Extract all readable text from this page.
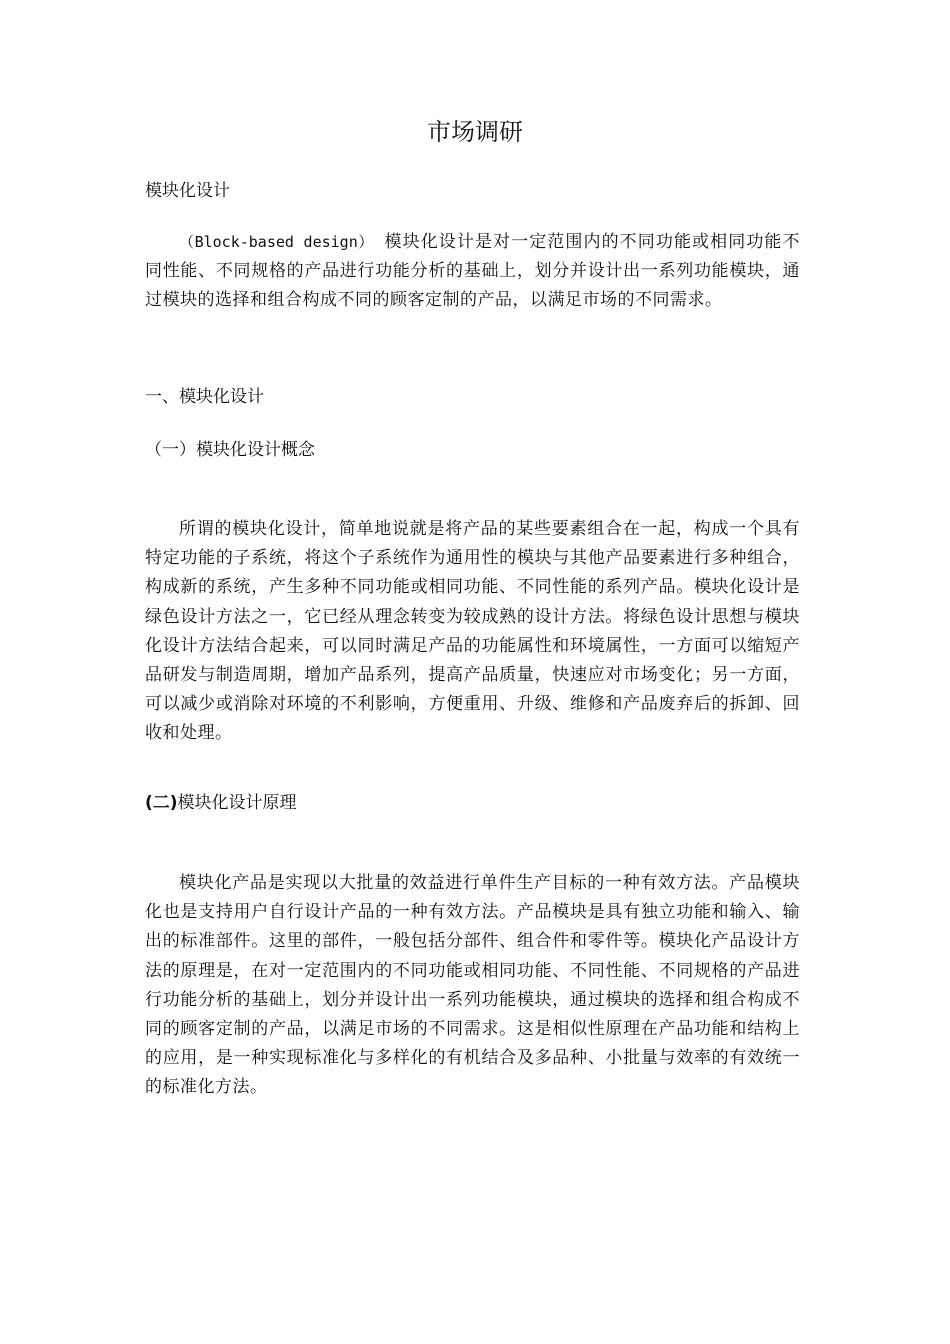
市场调研
模块化设计
（Block-based design）　模块化设计是对一定范围内的不同功能或相同功能不同性能、不同规格的产品进行功能分析的基础上，划分并设计出一系列功能模块，通过模块的选择和组合构成不同的顾客定制的产品，以满足市场的不同需求。
一、模块化设计
（一）模块化设计概念
所谓的模块化设计，简单地说就是将产品的某些要素组合在一起，构成一个具有特定功能的子系统，将这个子系统作为通用性的模块与其他产品要素进行多种组合，构成新的系统，产生多种不同功能或相同功能、不同性能的系列产品。模块化设计是绿色设计方法之一，它已经从理念转变为较成熟的设计方法。将绿色设计思想与模块化设计方法结合起来，可以同时满足产品的功能属性和环境属性，一方面可以缩短产品研发与制造周期，增加产品系列，提高产品质量，快速应对市场变化；另一方面，可以减少或消除对环境的不利影响，方便重用、升级、维修和产品废弃后的拆卸、回收和处理。
(二)模块化设计原理
模块化产品是实现以大批量的效益进行单件生产目标的一种有效方法。产品模块化也是支持用户自行设计产品的一种有效方法。产品模块是具有独立功能和输入、输出的标准部件。这里的部件，一般包括分部件、组合件和零件等。模块化产品设计方法的原理是，在对一定范围内的不同功能或相同功能、不同性能、不同规格的产品进行功能分析的基础上，划分并设计出一系列功能模块，通过模块的选择和组合构成不同的顾客定制的产品，以满足市场的不同需求。这是相似性原理在产品功能和结构上的应用，是一种实现标准化与多样化的有机结合及多品种、小批量与效率的有效统一的标准化方法。
